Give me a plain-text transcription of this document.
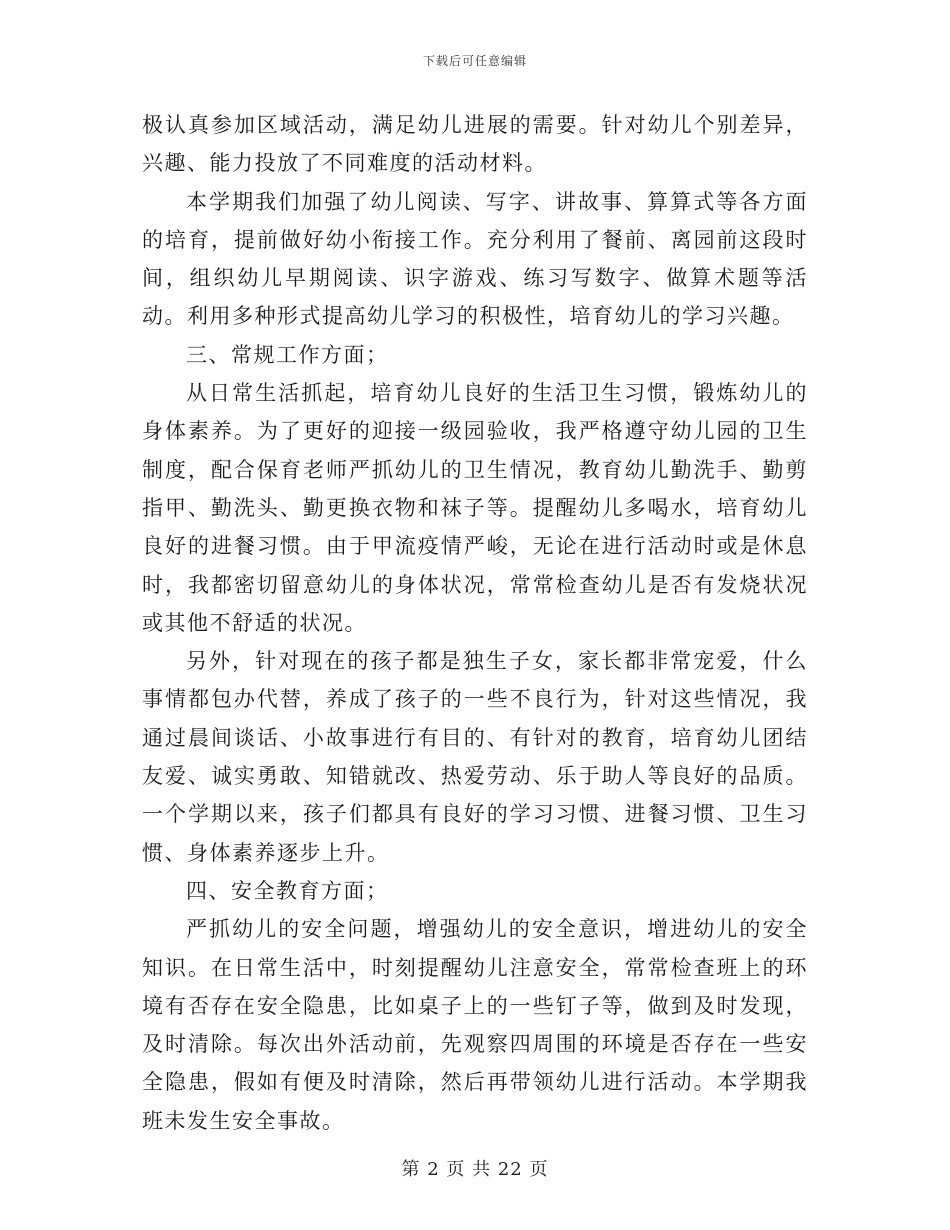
下载后可任意编辑

极认真参加区域活动，满足幼儿进展的需要。针对幼儿个别差异，兴趣、能力投放了不同难度的活动材料。

本学期我们加强了幼儿阅读、写字、讲故事、算算式等各方面的培育，提前做好幼小衔接工作。充分利用了餐前、离园前这段时间，组织幼儿早期阅读、识字游戏、练习写数字、做算术题等活动。利用多种形式提高幼儿学习的积极性，培育幼儿的学习兴趣。

三、常规工作方面；

从日常生活抓起，培育幼儿良好的生活卫生习惯，锻炼幼儿的身体素养。为了更好的迎接一级园验收，我严格遵守幼儿园的卫生制度，配合保育老师严抓幼儿的卫生情况，教育幼儿勤洗手、勤剪指甲、勤洗头、勤更换衣物和袜子等。提醒幼儿多喝水，培育幼儿良好的进餐习惯。由于甲流疫情严峻，无论在进行活动时或是休息时，我都密切留意幼儿的身体状况，常常检查幼儿是否有发烧状况或其他不舒适的状况。

另外，针对现在的孩子都是独生子女，家长都非常宠爱，什么事情都包办代替，养成了孩子的一些不良行为，针对这些情况，我通过晨间谈话、小故事进行有目的、有针对的教育，培育幼儿团结友爱、诚实勇敢、知错就改、热爱劳动、乐于助人等良好的品质。一个学期以来，孩子们都具有良好的学习习惯、进餐习惯、卫生习惯、身体素养逐步上升。

四、安全教育方面；

严抓幼儿的安全问题，增强幼儿的安全意识，增进幼儿的安全知识。在日常生活中，时刻提醒幼儿注意安全，常常检查班上的环境有否存在安全隐患，比如桌子上的一些钉子等，做到及时发现，及时清除。每次出外活动前，先观察四周围的环境是否存在一些安全隐患，假如有便及时清除，然后再带领幼儿进行活动。本学期我班未发生安全事故。

第 2 页 共 22 页
